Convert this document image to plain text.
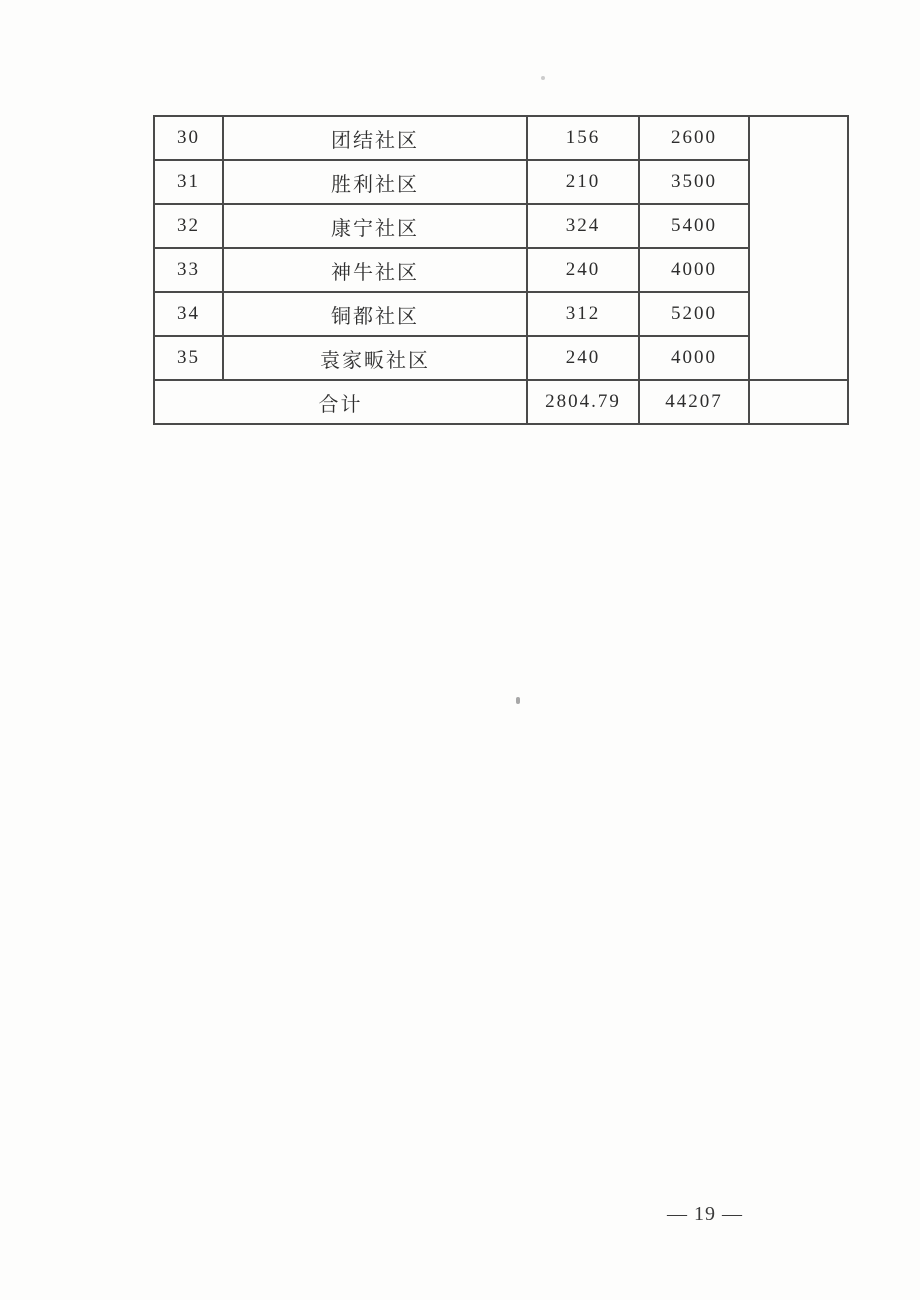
30	团结社区	156	2600	
31	胜利社区	210	3500	
32	康宁社区	324	5400	
33	神牛社区	240	4000	
34	铜都社区	312	5200	
35	袁家畈社区	240	4000	
合计		2804.79	44207	
— 19 —
